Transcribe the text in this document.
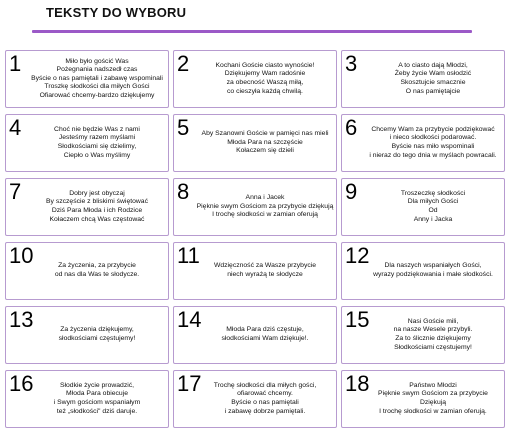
TEKSTY DO WYBORU
1	Miło było gościć Was
Pożegnania nadszedł czas
Byście o nas pamiętali i zabawę wspominali
Troszkę słodkości dla miłych Gości
Ofiarować chcemy-bardzo dziękujemy
2	Kochani Goście ciasto wynoście!
Dziękujemy Wam radośnie
za obecność Waszą miłą,
co cieszyła każdą chwilą.
3	A to ciasto dają Młodzi,
Żeby życie Wam osłodzić
Skosztujcie smacznie
O nas pamiętajcie
4	Choć nie będzie Was z nami
Jesteśmy razem myślami
Słodkościami się dzielimy,
Ciepło o Was myślimy
5	Aby Szanowni Goście w pamięci nas mieli
Młoda Para na szczęście
Kołaczem się dzieli
6	Chcemy Wam za przybycie podziękować
i nieco słodkości podarować.
Byście nas miło wspominali
i nieraz do tego dnia w myślach powracali.
7	Dobry jest obyczaj
By szczęście z bliskimi świętować
Dziś Para Młoda i ich Rodzice
Kołaczem chcą Was częstować
8	Anna i Jacek
Pięknie swym Gościom za przybycie dziękują
I trochę słodkości w zamian oferują
9	Troszeczkę słodkości
Dla miłych Gości
Od
Anny i Jacka
10	Za życzenia, za przybycie
od nas dla Was te słodycze.
11	Wdzięczność za Wasze przybycie
niech wyrażą te słodycze
12	Dla naszych wspaniałych Gości,
wyrazy podziękowania i małe słodkości.
13	Za życzenia dziękujemy,
słodkościami częstujemy!
14	Młoda Para dziś częstuje,
słodkościami Wam dziękuje!.
15	Nasi Goście mili,
na nasze Wesele przybyli.
Za to ślicznie dziękujemy
Słodkościami częstujemy!
16	Słodkie życie prowadzić,
Młoda Para obiecuje
i Swym gościom wspaniałym
też „słodkości" dziś daruje.
17	Trochę słodkości dla miłych gości,
ofiarować chcemy.
Byście o nas pamiętali
i zabawę dobrze pamiętali.
18	Państwo Młodzi
Pięknie swym Gościom za przybycie
Dziękują
I trochę słodkości w zamian oferują.
